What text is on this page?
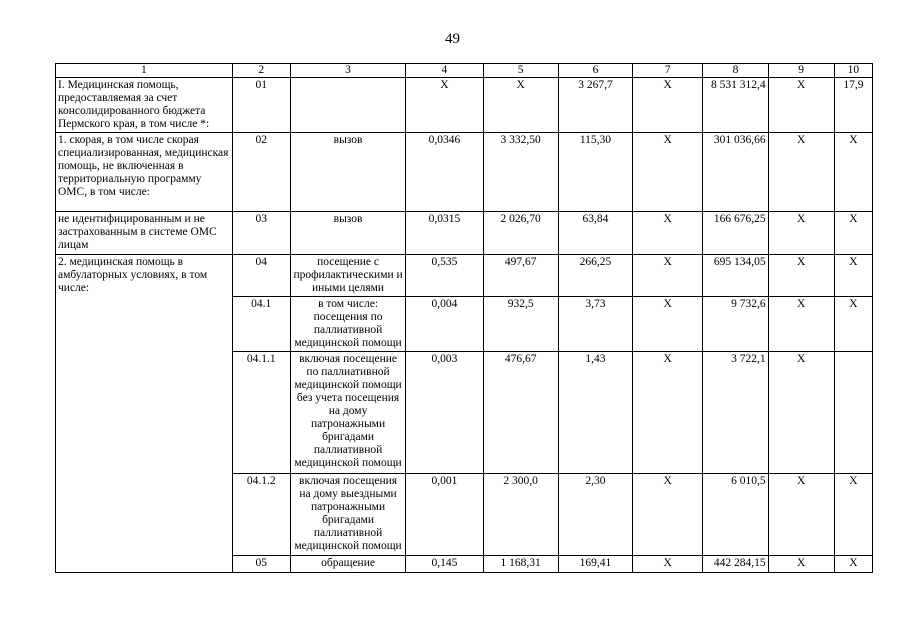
49
1	2	3	4	5	6	7	8	9	10
I. Медицинская помощь, предоставляемая за счет консолидированного бюджета Пермского края, в том числе *:	01		X	X	3 267,7	X	8 531 312,4	X	17,9
1. скорая, в том числе скорая специализированная, медицинская помощь, не включенная в территориальную программу ОМС, в том числе:	02	вызов	0,0346	3 332,50	115,30	X	301 036,66	X	X
не идентифицированным и не застрахованным в системе ОМС лицам	03	вызов	0,0315	2 026,70	63,84	X	166 676,25	X	X
2. медицинская помощь в амбулаторных условиях, в том числе:	04	посещение с профилактическими и иными целями	0,535	497,67	266,25	X	695 134,05	X	X
	04.1	в том числе: посещения по паллиативной медицинской помощи	0,004	932,5	3,73	X	9 732,6	X	X
	04.1.1	включая посещение по паллиативной медицинской помощи без учета посещения на дому патронажными бригадами паллиативной медицинской помощи	0,003	476,67	1,43	X	3 722,1	X	
	04.1.2	включая посещения на дому выездными патронажными бригадами паллиативной медицинской помощи	0,001	2 300,0	2,30	X	6 010,5	X	X
	05	обращение	0,145	1 168,31	169,41	X	442 284,15	X	X
